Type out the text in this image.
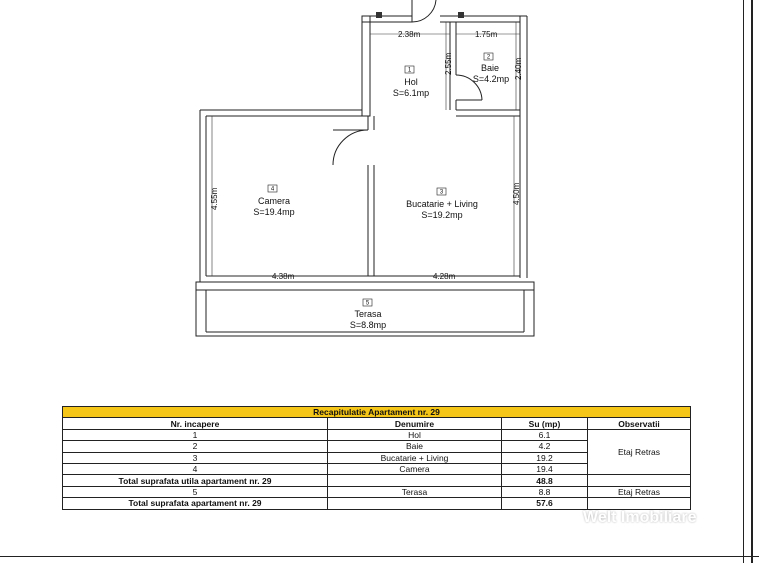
2.38m	1.75m
2.55m	2.40m
4.55m	4.50m
4.38m	4.28m
1
Hol
S=6.1mp
2
Baie
S=4.2mp
3
Bucatarie + Living
S=19.2mp
4
Camera
S=19.4mp
5
Terasa
S=8.8mp
Recapitulatie Apartament nr. 29			
Nr. incapere	Denumire	Su (mp)	Observatii
1	Hol	6.1	Etaj Retras
2	Baie	4.2	
3	Bucatarie + Living	19.2	
4	Camera	19.4	
Total suprafata utila apartament nr. 29		48.8	
5	Terasa	8.8	Etaj Retras
Total suprafata apartament nr. 29		57.6	
Welt Imobiliare
